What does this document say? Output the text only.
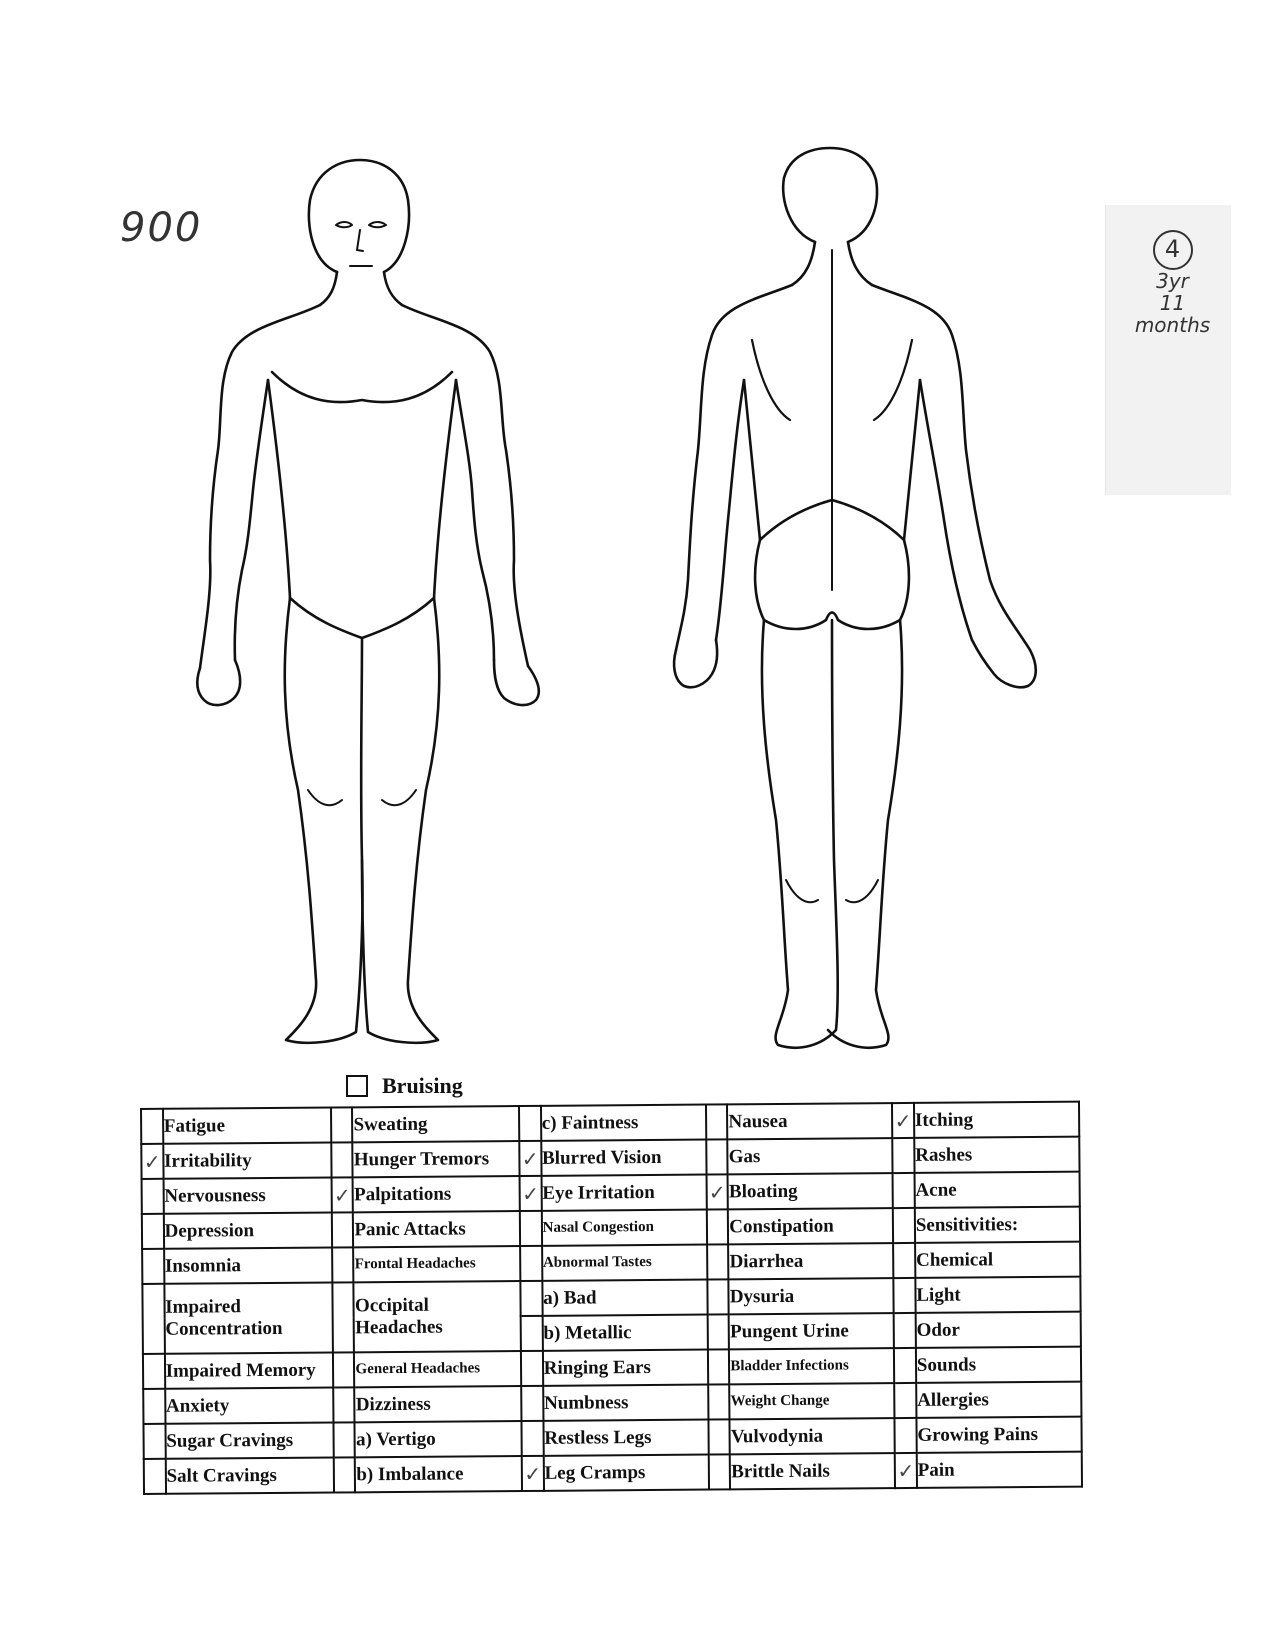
900	4
3yr
11 months
Bruising
	Fatigue		Sweating		c) Faintness		Nausea	✓	Itching
✓	Irritability		Hunger Tremors	✓	Blurred Vision		Gas		Rashes
	Nervousness	✓	Palpitations	✓	Eye Irritation	✓	Bloating		Acne
	Depression		Panic Attacks		Nasal Congestion		Constipation		Sensitivities:
	Insomnia		Frontal Headaches		Abnormal Tastes		Diarrhea		Chemical
	Impaired Concentration		Occipital Headaches		a) Bad		Dysuria		Light
					b) Metallic		Pungent Urine		Odor
	Impaired Memory		General Headaches		Ringing Ears		Bladder Infections		Sounds
	Anxiety		Dizziness		Numbness		Weight Change		Allergies
	Sugar Cravings		a) Vertigo		Restless Legs		Vulvodynia		Growing Pains
	Salt Cravings		b) Imbalance	✓	Leg Cramps		Brittle Nails	✓	Pain
